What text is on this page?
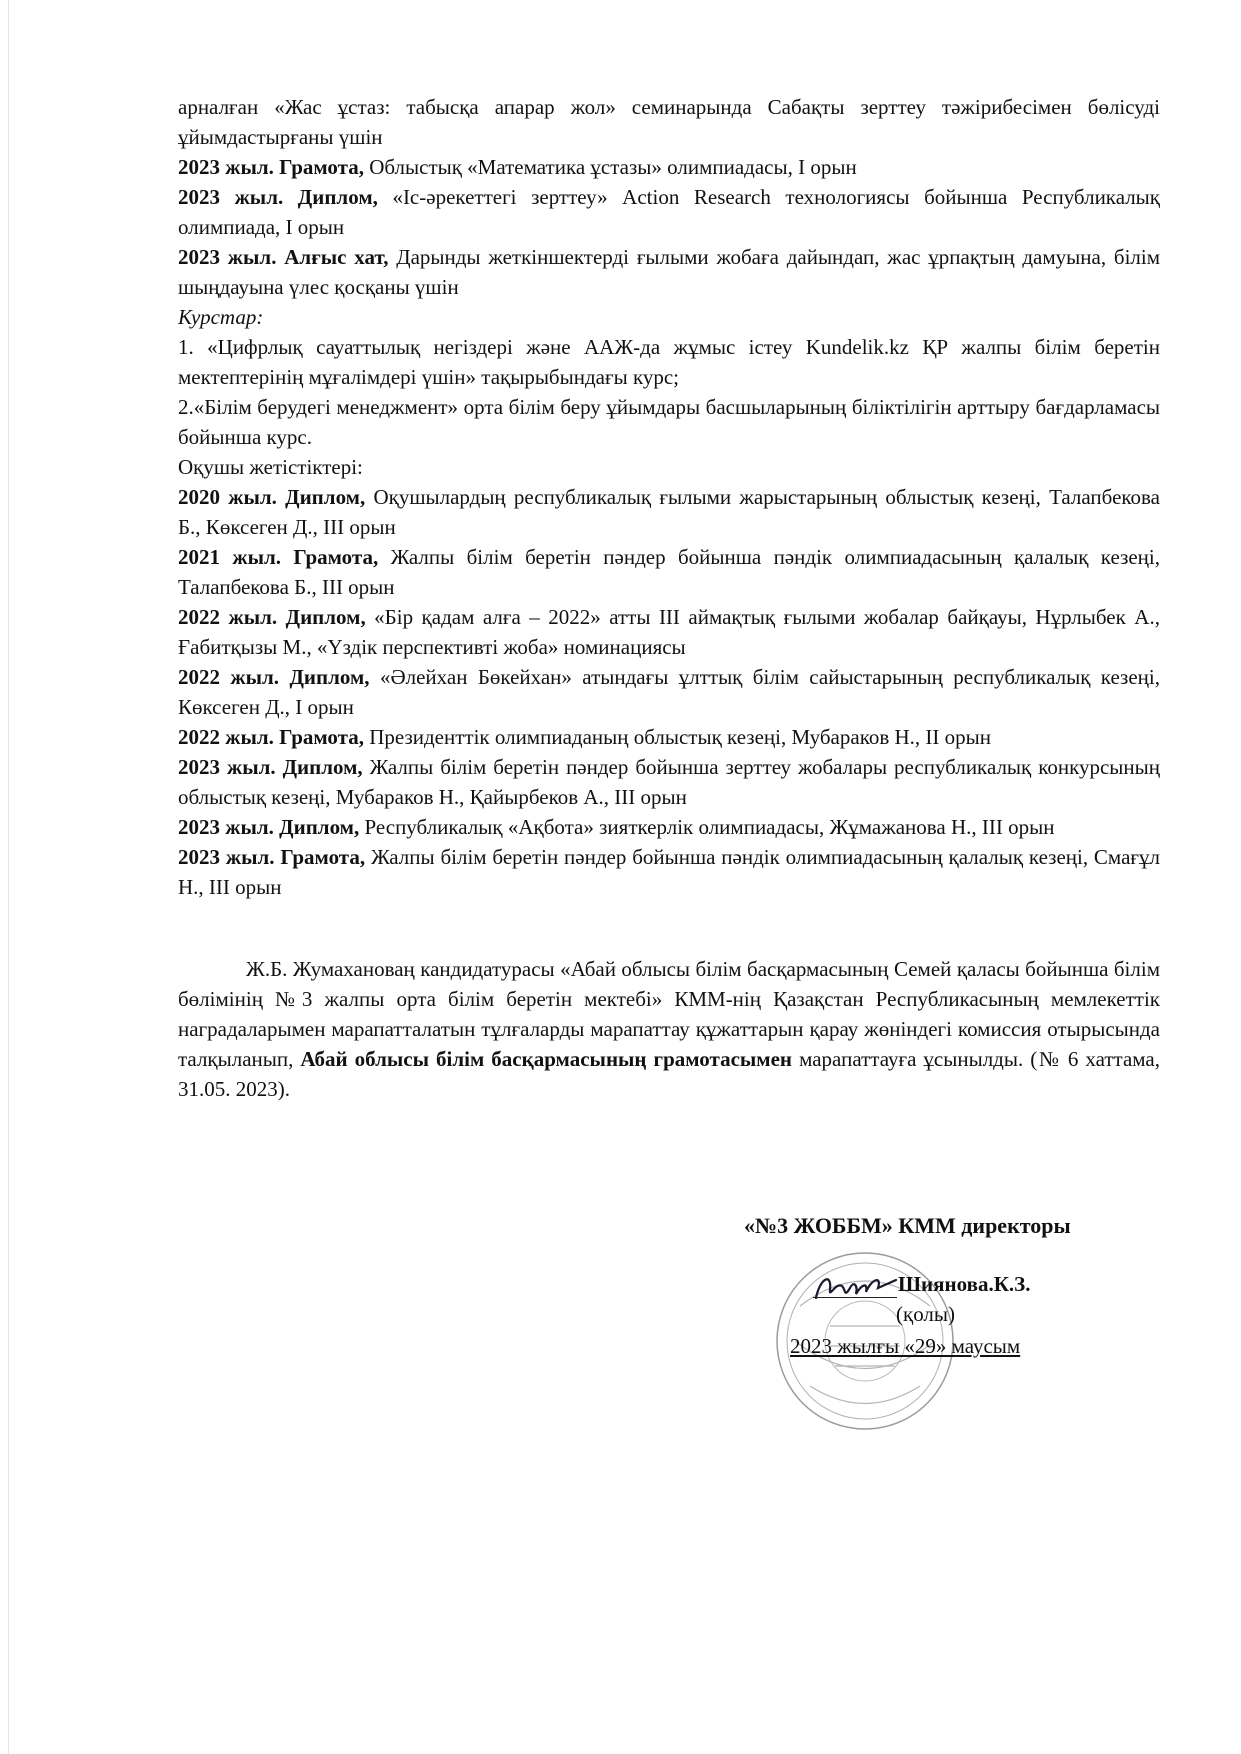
арналған «Жас ұстаз: табысқа апарар жол» семинарында Сабақты зерттеу тәжірибесімен бөлісуді ұйымдастырғаны үшін

2023 жыл. Грамота, Облыстық «Математика ұстазы» олимпиадасы, I орын

2023 жыл. Диплом, «Іс-әрекеттегі зерттеу» Action Research технологиясы бойынша Республикалық олимпиада, I орын

2023 жыл. Алғыс хат, Дарынды жеткіншектерді ғылыми жобаға дайындап, жас ұрпақтың дамуына, білім шыңдауына үлес қосқаны үшін

Курстар:

1. «Цифрлық сауаттылық негіздері және ААЖ-да жұмыс істеу Kundelik.kz ҚР жалпы білім беретін мектептерінің мұғалімдері үшін» тақырыбындағы курс;

2.«Білім берудегі менеджмент» орта білім беру ұйымдары басшыларының біліктілігін арттыру бағдарламасы бойынша курс.

Оқушы жетістіктері:

2020 жыл. Диплом, Оқушылардың республикалық ғылыми жарыстарының облыстық кезеңі, Талапбекова Б., Көксеген Д., III орын

2021 жыл. Грамота, Жалпы білім беретін пәндер бойынша пәндік олимпиадасының қалалық кезеңі, Талапбекова Б., III орын

2022 жыл. Диплом, «Бір қадам алға – 2022» атты III аймақтық ғылыми жобалар байқауы, Нұрлыбек А., Ғабитқызы М., «Үздік перспективті жоба» номинациясы

2022 жыл. Диплом, «Әлейхан Бөкейхан» атындағы ұлттық білім сайыстарының республикалық кезеңі, Көксеген Д., I орын

2022 жыл. Грамота, Президенттік олимпиаданың облыстық кезеңі, Мубараков Н., II орын

2023 жыл. Диплом, Жалпы білім беретін пәндер бойынша зерттеу жобалары республикалық конкурсының облыстық кезеңі, Мубараков Н., Қайырбеков А., III орын

2023 жыл. Диплом, Республикалық «Ақбота» зияткерлік олимпиадасы, Жұмажанова Н., III орын

2023 жыл. Грамота, Жалпы білім беретін пәндер бойынша пәндік олимпиадасының қалалық кезеңі, Смағұл Н., III орын

Ж.Б. Жумахановаң кандидатурасы «Абай облысы білім басқармасының Семей қаласы бойынша білім бөлімінің №3 жалпы орта білім беретін мектебі» КММ-нің Қазақстан Республикасының мемлекеттік наградаларымен марапатталатын тұлғаларды марапаттау құжаттарын қарау жөніндегі комиссия отырысында талқыланып, Абай облысы білім басқармасының грамотасымен марапаттауға ұсынылды. (№ 6 хаттама, 31.05. 2023).

«№3 ЖОББМ» КММ директоры
Шиянова.К.З.
(қолы)
2023 жылғы «29» маусым
